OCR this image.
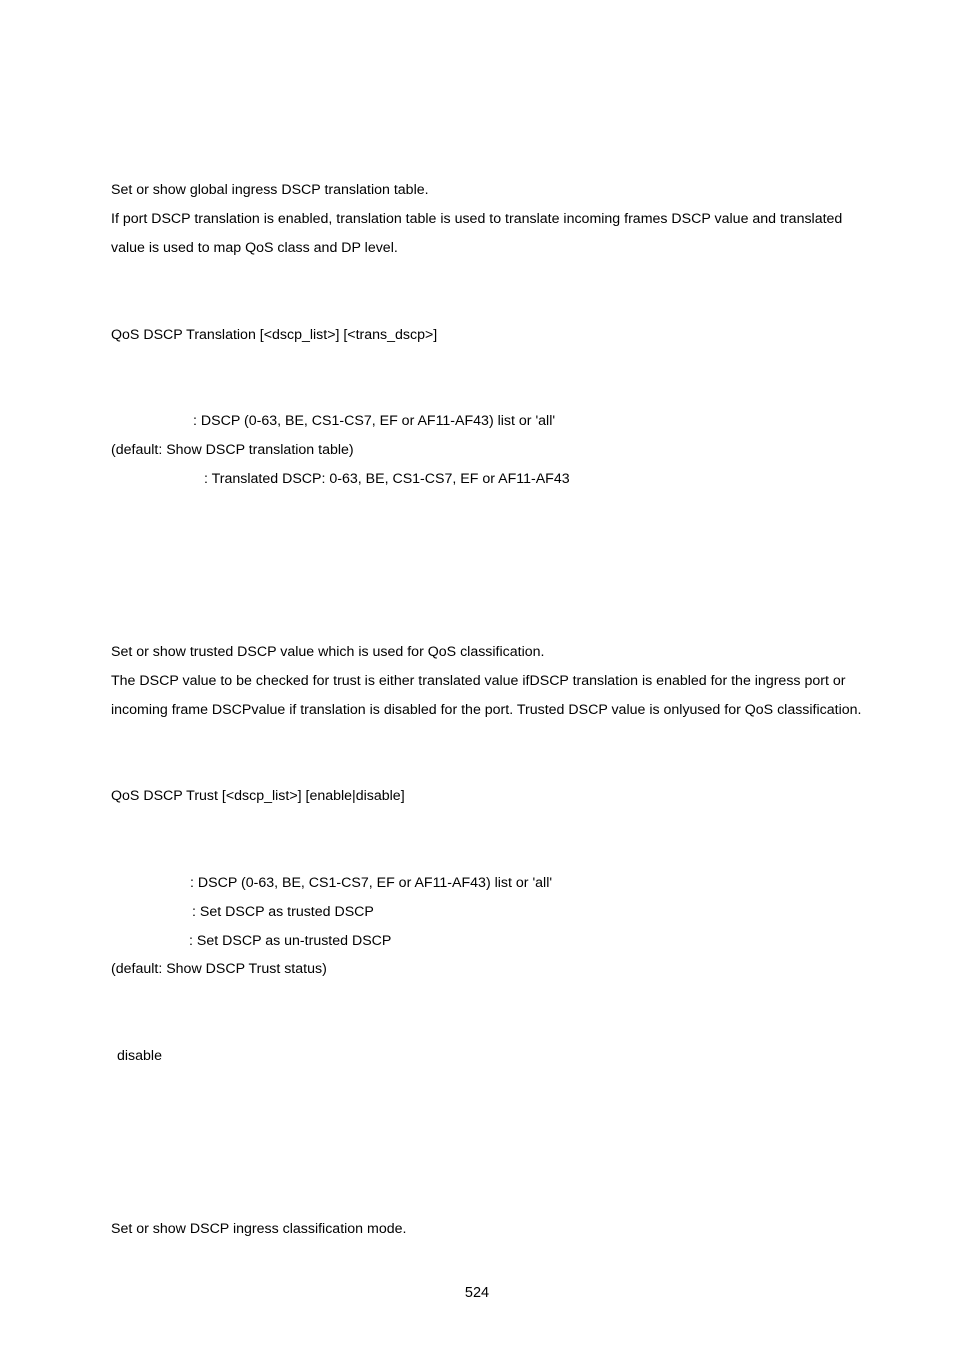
Set or show global ingress DSCP translation table.

If port DSCP translation is enabled, translation table is used to translate incoming frames DSCP value and translated

value is used to map QoS class and DP level.

QoS DSCP Translation [<dscp_list>] [<trans_dscp>]

: DSCP (0-63, BE, CS1-CS7, EF or AF11-AF43) list or 'all'

(default: Show DSCP translation table)

: Translated DSCP: 0-63, BE, CS1-CS7, EF or AF11-AF43

Set or show trusted DSCP value which is used for QoS classification.

The DSCP value to be checked for trust is either translated value ifDSCP translation is enabled for the ingress port or

incoming frame DSCPvalue if translation is disabled for the port. Trusted DSCP value is onlyused for QoS classification.

QoS DSCP Trust [<dscp_list>] [enable|disable]

: DSCP (0-63, BE, CS1-CS7, EF or AF11-AF43) list or 'all'

: Set DSCP as trusted DSCP

: Set DSCP as un-trusted DSCP

(default: Show DSCP Trust status)

disable

Set or show DSCP ingress classification mode.

524
